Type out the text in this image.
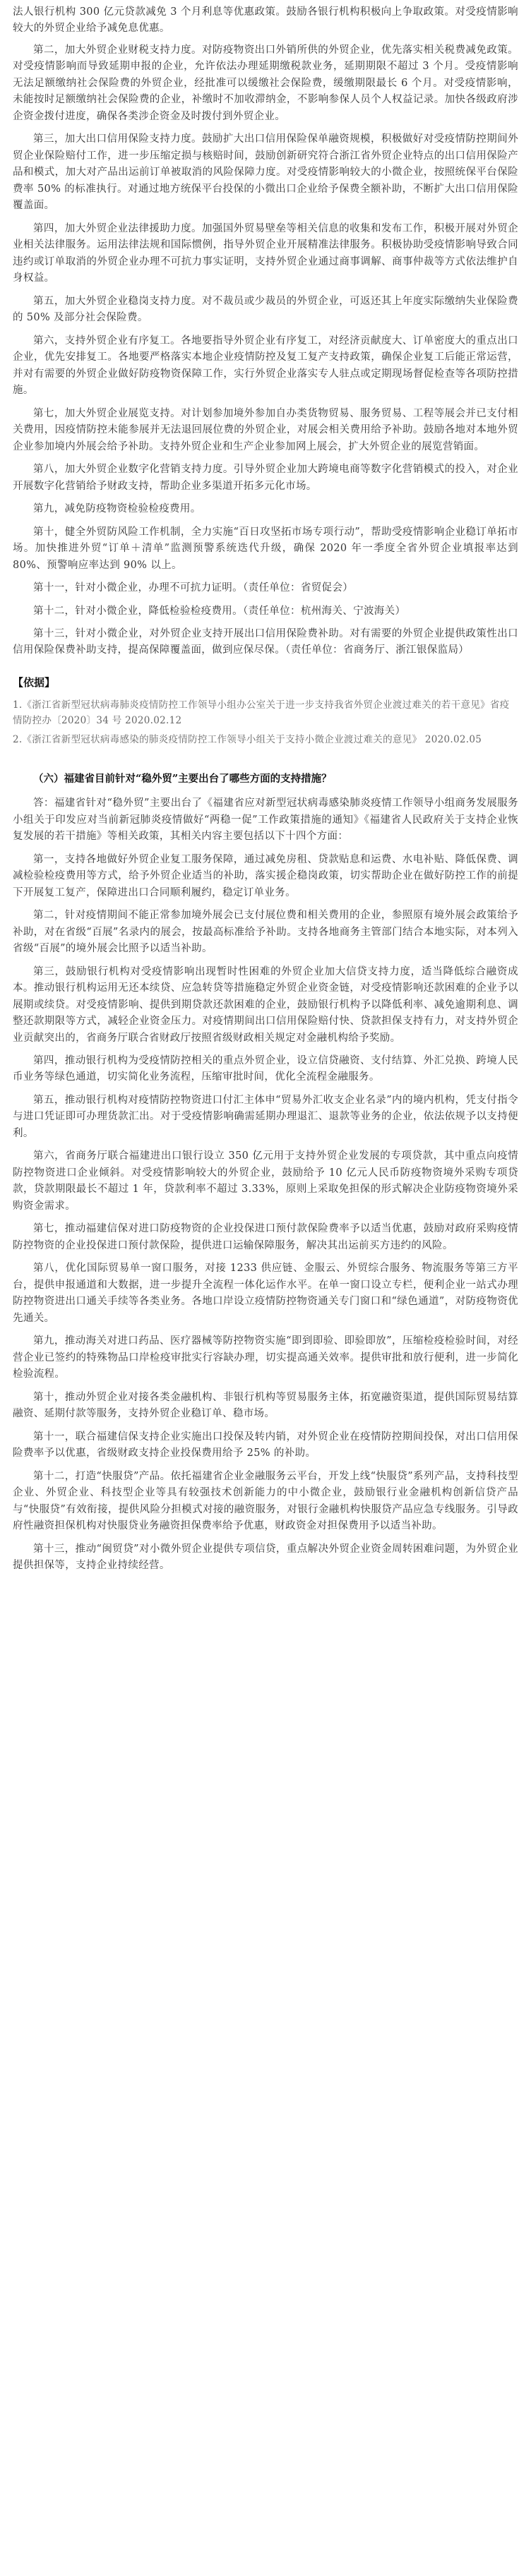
法人银行机构 300 亿元贷款减免 3 个月利息等优惠政策。鼓励各银行机构积极向上争取政策。对受疫情影响较大的外贸企业给予减免息优惠。

第二，加大外贸企业财税支持力度。对防疫物资出口外销所供的外贸企业，优先落实相关税费减免政策。对受疫情影响而导致延期申报的企业，允许依法办理延期缴税款业务，延期期限不超过 3 个月。受疫情影响无法足额缴纳社会保险费的外贸企业，经批准可以缓缴社会保险费，缓缴期限最长 6 个月。对受疫情影响，未能按时足额缴纳社会保险费的企业，补缴时不加收滞纳金，不影响参保人员个人权益记录。加快各级政府涉企资金拨付进度，确保各类涉企资金及时拨付到外贸企业。

第三，加大出口信用保险支持力度。鼓励扩大出口信用保险保单融资规模，积极做好对受疫情防控期间外贸企业保险赔付工作，进一步压缩定损与核赔时间，鼓励创新研究符合浙江省外贸企业特点的出口信用保险产品和模式，加大对产品出运前订单被取消的风险保障力度。对受疫情影响较大的小微企业，按照统保平台保险费率 50% 的标准执行。对通过地方统保平台投保的小微出口企业给予保费全额补助，不断扩大出口信用保险覆盖面。

第四，加大外贸企业法律援助力度。加强国外贸易壁垒等相关信息的收集和发布工作，积极开展对外贸企业相关法律服务。运用法律法规和国际惯例，指导外贸企业开展精准法律服务。积极协助受疫情影响导致合同违约或订单取消的外贸企业办理不可抗力事实证明，支持外贸企业通过商事调解、商事仲裁等方式依法维护自身权益。

第五，加大外贸企业稳岗支持力度。对不裁员或少裁员的外贸企业，可返还其上年度实际缴纳失业保险费的 50% 及部分社会保险费。

第六，支持外贸企业有序复工。各地要指导外贸企业有序复工，对经济贡献度大、订单密度大的重点出口企业，优先安排复工。各地要严格落实本地企业疫情防控及复工复产支持政策，确保企业复工后能正常运营，并对有需要的外贸企业做好防疫物资保障工作，实行外贸企业落实专人驻点或定期现场督促检查等各项防控措施。

第七，加大外贸企业展览支持。对计划参加境外参加自办类货物贸易、服务贸易、工程等展会并已支付相关费用，因疫情防控未能参展并无法退回展位费的外贸企业，对展会相关费用给予补助。鼓励各地对本地外贸企业参加境内外展会给予补助。支持外贸企业和生产企业参加网上展会，扩大外贸企业的展览营销面。

第八，加大外贸企业数字化营销支持力度。引导外贸企业加大跨境电商等数字化营销模式的投入，对企业开展数字化营销给予财政支持，帮助企业多渠道开拓多元化市场。

第九，减免防疫物资检验检疫费用。

第十，健全外贸防风险工作机制，全力实施“百日攻坚拓市场专项行动”，帮助受疫情影响企业稳订单拓市场。加快推进外贸“订单＋清单”监测预警系统迭代升级，确保 2020 年一季度全省外贸企业填报率达到 80%、预警响应率达到 90% 以上。

第十一，针对小微企业，办理不可抗力证明。（责任单位：省贸促会）

第十二，针对小微企业，降低检验检疫费用。（责任单位：杭州海关、宁波海关）

第十三，针对小微企业，对外贸企业支持开展出口信用保险费补助。对有需要的外贸企业提供政策性出口信用保险保费补助支持，提高保障覆盖面，做到应保尽保。（责任单位：省商务厅、浙江银保监局）

【依据】
1.《浙江省新型冠状病毒肺炎疫情防控工作领导小组办公室关于进一步支持我省外贸企业渡过难关的若干意见》省疫情防控办〔2020〕34 号 2020.02.12
2.《浙江省新型冠状病毒感染的肺炎疫情防控工作领导小组关于支持小微企业渡过难关的意见》 2020.02.05
（六）福建省目前针对“稳外贸”主要出台了哪些方面的支持措施？

答：福建省针对“稳外贸”主要出台了《福建省应对新型冠状病毒感染肺炎疫情工作领导小组商务发展服务小组关于印发应对当前新冠肺炎疫情做好“两稳一促”工作政策措施的通知》《福建省人民政府关于支持企业恢复发展的若干措施》等相关政策，其相关内容主要包括以下十四个方面：

第一，支持各地做好外贸企业复工服务保障，通过减免房租、贷款贴息和运费、水电补贴、降低保费、调减检验检疫费用等方式，给予外贸企业适当的补助，落实援企稳岗政策，切实帮助企业在做好防控工作的前提下开展复工复产，保障进出口合同顺利履约，稳定订单业务。

第二，针对疫情期间不能正常参加境外展会已支付展位费和相关费用的企业，参照原有境外展会政策给予补助，对在省级“百展”名录内的展会，按最高标准给予补助。支持各地商务主管部门结合本地实际，对本列入省级“百展”的境外展会比照予以适当补助。

第三，鼓励银行机构对受疫情影响出现暂时性困难的外贸企业加大信贷支持力度，适当降低综合融资成本。推动银行机构运用无还本续贷、应急转贷等措施稳定外贸企业资金链，对受疫情影响还款困难的企业予以展期或续贷。对受疫情影响、提供到期贷款还款困难的企业，鼓励银行机构予以降低利率、减免逾期利息、调整还款期限等方式，减轻企业资金压力。对疫情期间出口信用保险赔付快、贷款担保支持有力，对支持外贸企业贡献突出的，省商务厅联合省财政厅按照省级财政相关规定对金融机构给予奖励。

第四，推动银行机构为受疫情防控相关的重点外贸企业，设立信贷融资、支付结算、外汇兑换、跨境人民币业务等绿色通道，切实简化业务流程，压缩审批时间，优化全流程金融服务。

第五，推动银行机构对疫情防控物资进口付汇主体申“贸易外汇收支企业名录”内的境内机构，凭支付指令与进口凭证即可办理货款汇出。对于受疫情影响确需延期办理退汇、退款等业务的企业，依法依规予以支持便利。

第六，省商务厅联合福建进出口银行设立 350 亿元用于支持外贸企业发展的专项贷款，其中重点向疫情防控物资进口企业倾斜。对受疫情影响较大的外贸企业，鼓励给予 10 亿元人民币防疫物资境外采购专项贷款，贷款期限最长不超过 1 年，贷款利率不超过 3.33%，原则上采取免担保的形式解决企业防疫物资境外采购资金需求。

第七，推动福建信保对进口防疫物资的企业投保进口预付款保险费率予以适当优惠，鼓励对政府采购疫情防控物资的企业投保进口预付款保险，提供进口运输保障服务，解决其出运前买方违约的风险。

第八，优化国际贸易单一窗口服务，对接 1233 供应链、金服云、外贸综合服务、物流服务等第三方平台，提供申报通道和大数据，进一步提升全流程一体化运作水平。在单一窗口设立专栏，便利企业一站式办理防控物资进出口通关手续等各类业务。各地口岸设立疫情防控物资通关专门窗口和“绿色通道”，对防疫物资优先通关。

第九，推动海关对进口药品、医疗器械等防控物资实施“即到即验、即验即放”，压缩检疫检验时间，对经营企业已签约的特殊物品口岸检疫审批实行容缺办理，切实提高通关效率。提供审批和放行便利，进一步简化检验流程。

第十，推动外贸企业对接各类金融机构、非银行机构等贸易服务主体，拓宽融资渠道，提供国际贸易结算融资、延期付款等服务，支持外贸企业稳订单、稳市场。

第十一，联合福建信保支持企业实施出口投保及转内销，对外贸企业在疫情防控期间投保，对出口信用保险费率予以优惠，省级财政支持企业投保费用给予 25% 的补助。

第十二，打造“快服贷”产品。依托福建省企业金融服务云平台，开发上线“快服贷”系列产品，支持科技型企业、外贸企业、科技型企业等具有较强技术创新能力的中小微企业，鼓励银行业金融机构创新信贷产品与“快服贷”有效衔接，提供风险分担模式对接的融资服务，对银行金融机构快服贷产品应急专线服务。引导政府性融资担保机构对快服贷业务融资担保费率给予优惠，财政资金对担保费用予以适当补助。

第十三，推动“闽贸贷”对小微外贸企业提供专项信贷，重点解决外贸企业资金周转困难问题，为外贸企业提供担保等，支持企业持续经营。
